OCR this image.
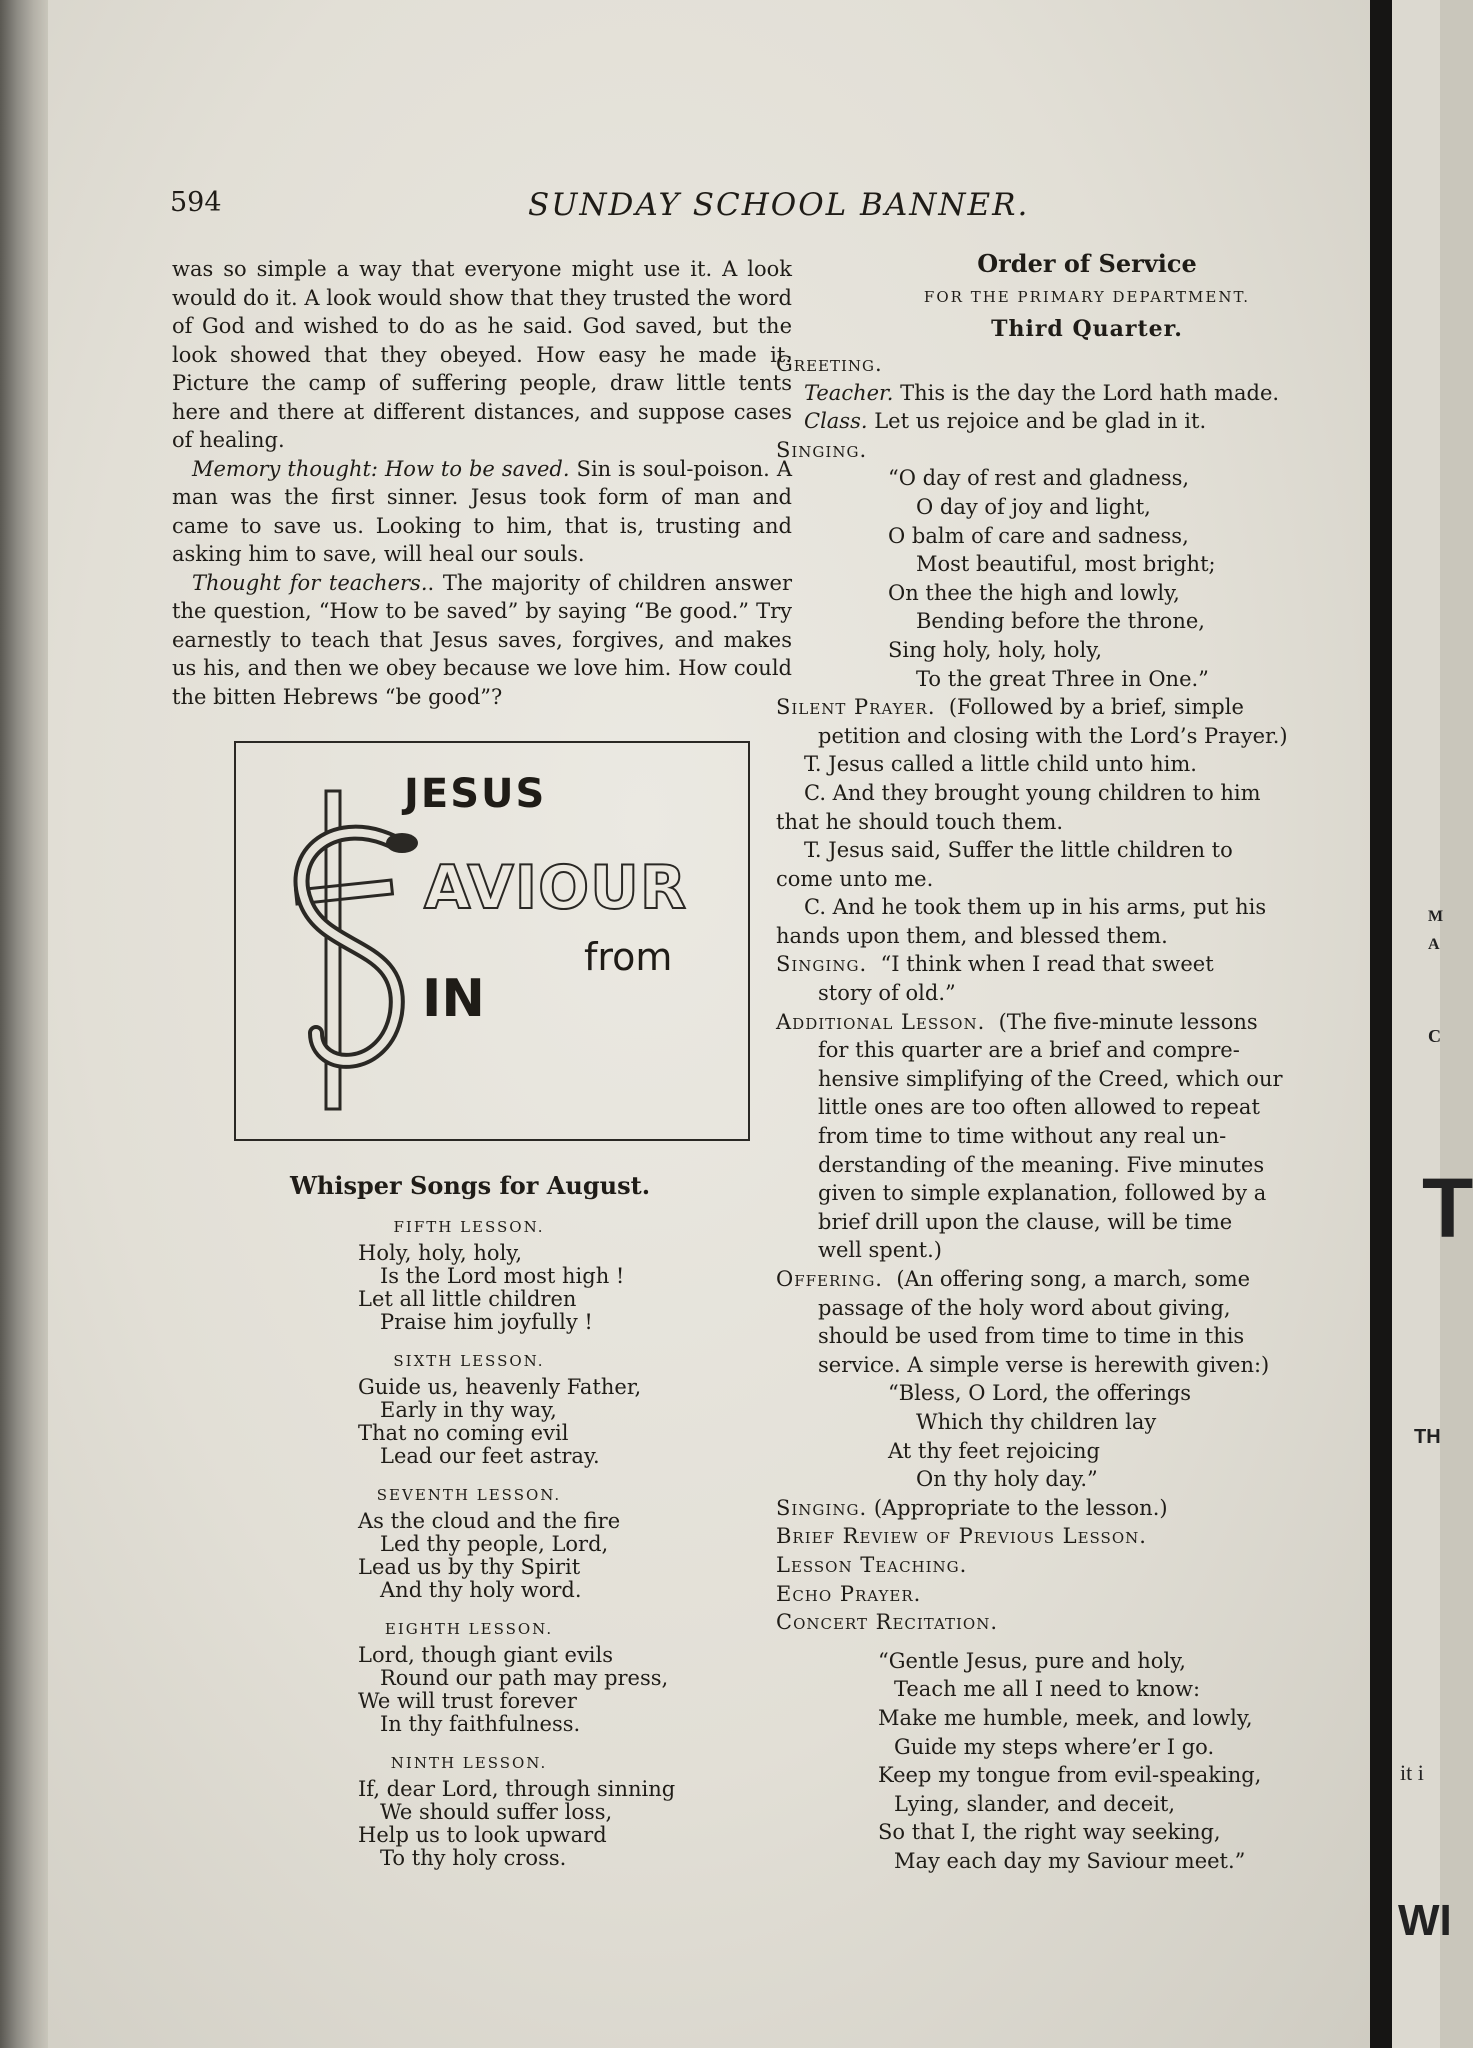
594	SUNDAY SCHOOL BANNER.

was so simple a way that everyone might use it. A look would do it. A look would show that they trusted the word of God and wished to do as he said. God saved, but the look showed that they obeyed. How easy he made it. Picture the camp of suffering people, draw little tents here and there at different distances, and suppose cases of healing.

Memory thought: How to be saved. Sin is soul-poison. A man was the first sinner. Jesus took form of man and came to save us. Looking to him, that is, trusting and asking him to save, will heal our souls.

Thought for teachers.. The majority of children answer the question, “How to be saved” by saying “Be good.” Try earnestly to teach that Jesus saves, forgives, and makes us his, and then we obey because we love him. How could the bitten Hebrews “be good”?

JESUS
AVIOUR
from
IN
Whisper Songs for August.
FIFTH LESSON.
Holy, holy, holy,
Is the Lord most high !
Let all little children
Praise him joyfully !
SIXTH LESSON.
Guide us, heavenly Father,
Early in thy way,
That no coming evil
Lead our feet astray.
SEVENTH LESSON.
As the cloud and the fire
Led thy people, Lord,
Lead us by thy Spirit
And thy holy word.
EIGHTH LESSON.
Lord, though giant evils
Round our path may press,
We will trust forever
In thy faithfulness.
NINTH LESSON.
If, dear Lord, through sinning
We should suffer loss,
Help us to look upward
To thy holy cross.
Order of Service
FOR THE PRIMARY DEPARTMENT.
Third Quarter.

Greeting.

Teacher. This is the day the Lord hath made.

Class. Let us rejoice and be glad in it.

Singing.

“O day of rest and gladness,

O day of joy and light,

O balm of care and sadness,

Most beautiful, most bright;

On thee the high and lowly,

Bending before the throne,

Sing holy, holy, holy,

To the great Three in One.”

Silent Prayer. (Followed by a brief, simple

petition and closing with the Lord’s Prayer.)

T. Jesus called a little child unto him.

C. And they brought young children to him

that he should touch them.

T. Jesus said, Suffer the little children to

come unto me.

C. And he took them up in his arms, put his

hands upon them, and blessed them.

Singing. “I think when I read that sweet

story of old.”

Additional Lesson. (The five-minute lessons

for this quarter are a brief and compre-

hensive simplifying of the Creed, which our

little ones are too often allowed to repeat

from time to time without any real un-

derstanding of the meaning. Five minutes

given to simple explanation, followed by a

brief drill upon the clause, will be time

well spent.)

Offering. (An offering song, a march, some

passage of the holy word about giving,

should be used from time to time in this

service. A simple verse is herewith given:)

“Bless, O Lord, the offerings

Which thy children lay

At thy feet rejoicing

On thy holy day.”

Singing. (Appropriate to the lesson.)

Brief Review of Previous Lesson.

Lesson Teaching.

Echo Prayer.

Concert Recitation.

“Gentle Jesus, pure and holy,

Teach me all I need to know:

Make me humble, meek, and lowly,

Guide my steps where’er I go.

Keep my tongue from evil-speaking,

Lying, slander, and deceit,

So that I, the right way seeking,

May each day my Saviour meet.”

M
A
C
T
TH
it i
WI
